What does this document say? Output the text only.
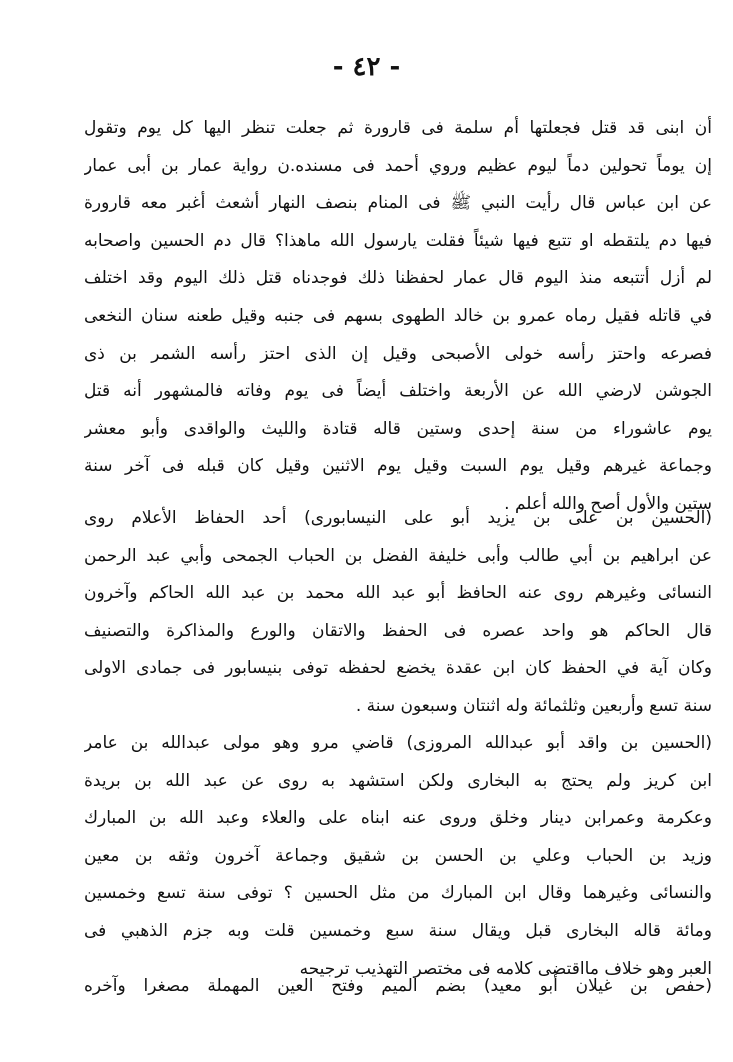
- ٤٢ -
أن ابنى قد قتل فجعلتها أم سلمة فى قارورة ثم جعلت تنظر اليها كل يوم وتقول
إن يوماً تحولين دماً ليوم عظيم وروي أحمد فى مسنده.ن رواية عمار بن أبى عمار
عن ابن عباس قال رأيت النبي ﷺ فى المنام بنصف النهار أشعث أغبر معه قارورة
فيها دم يلتقطه او تتبع فيها شيئاً فقلت يارسول الله ماهذا؟ قال دم الحسين واصحابه
لم أزل أتتبعه منذ اليوم قال عمار لحفظنا ذلك فوجدناه قتل ذلك اليوم وقد اختلف
في قاتله فقيل رماه عمرو بن خالد الطهوى بسهم فى جنبه وقيل طعنه سنان النخعى
فصرعه واحتز رأسه خولى الأصبحى وقيل إن الذى احتز رأسه الشمر بن ذى
الجوشن لارضي الله عن الأربعة واختلف أيضاً فى يوم وفاته فالمشهور أنه قتل
يوم عاشوراء من سنة إحدى وستين قاله قتادة والليث والواقدى وأبو معشر
وجماعة غيرهم وقيل يوم السبت وقيل يوم الاثنين وقيل كان قبله فى آخر سنة
ستين والأول أصح والله أعلم .
(الحسين بن على بن يزيد أبو على النيسابورى) أحد الحفاظ الأعلام روى
عن ابراهيم بن أبي طالب وأبى خليفة الفضل بن الحباب الجمحى وأبي عبد الرحمن
النسائى وغيرهم روى عنه الحافظ أبو عبد الله محمد بن عبد الله الحاكم وآخرون
قال الحاكم هو واحد عصره فى الحفظ والاتقان والورع والمذاكرة والتصنيف
وكان آية في الحفظ كان ابن عقدة يخضع لحفظه توفى بنيسابور فى جمادى الاولى
سنة تسع وأربعين وثلثمائة وله اثنتان وسبعون سنة .
(الحسين بن واقد أبو عبدالله المروزى) قاضي مرو وهو مولى عبدالله بن عامر
ابن كريز ولم يحتج به البخارى ولكن استشهد به روى عن عبد الله بن بريدة
وعكرمة وعمرابن دينار وخلق وروى عنه ابناه على والعلاء وعبد الله بن المبارك
وزيد بن الحباب وعلي بن الحسن بن شقيق وجماعة آخرون وثقه بن معين
والنسائى وغيرهما وقال ابن المبارك من مثل الحسين ؟ توفى سنة تسع وخمسين
ومائة قاله البخارى قبل ويقال سنة سبع وخمسين قلت وبه جزم الذهبي فى
العبر وهو خلاف مااقتضى كلامه فى مختصر التهذيب ترجيحه
(حفص بن غيلان أبو معيد) بضم الميم وفتح العين المهملة مصغرا وآخره
